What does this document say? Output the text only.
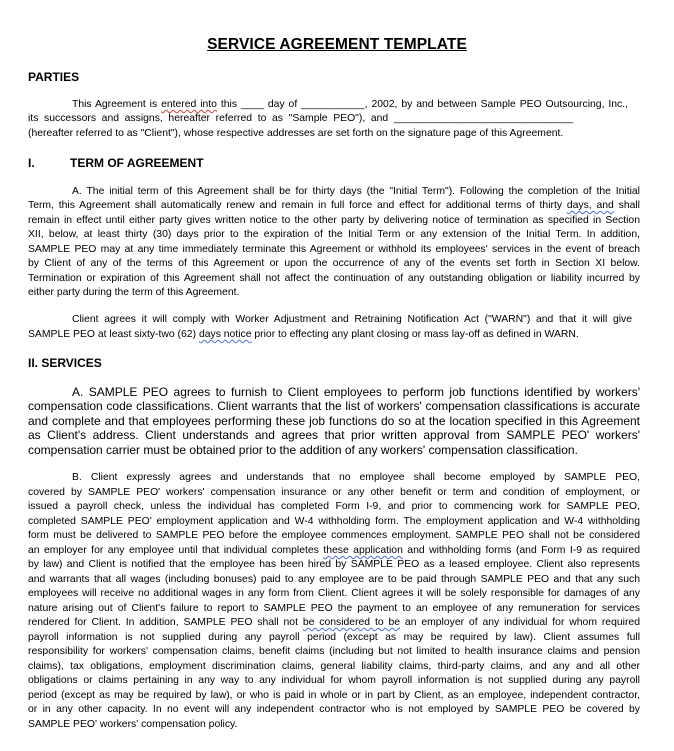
SERVICE AGREEMENT TEMPLATE
PARTIES
This Agreement is entered into this ____ day of ___________, 2002, by and between Sample PEO Outsourcing, Inc.,
its successors and assigns, hereafter referred to as "Sample PEO"), and _______________________________
(hereafter referred to as "Client"), whose respective addresses are set forth on the signature page of this Agreement.
I.	TERM OF AGREEMENT
A. The initial term of this Agreement shall be for thirty days (the "Initial Term"). Following the completion of the Initial
Term, this Agreement shall automatically renew and remain in full force and effect for additional terms of thirty days, and shall
remain in effect until either party gives written notice to the other party by delivering notice of termination as specified in Section
XII, below, at least thirty (30) days prior to the expiration of the Initial Term or any extension of the Initial Term. In addition,
SAMPLE PEO may at any time immediately terminate this Agreement or withhold its employees' services in the event of breach
by Client of any of the terms of this Agreement or upon the occurrence of any of the events set forth in Section XI below.
Termination or expiration of this Agreement shall not affect the continuation of any outstanding obligation or liability incurred by
either party during the term of this Agreement.
Client agrees it will comply with Worker Adjustment and Retraining Notification Act ("WARN") and that it will give
SAMPLE PEO at least sixty-two (62) days notice prior to effecting any plant closing or mass lay-off as defined in WARN.
II. SERVICES
A. SAMPLE PEO agrees to furnish to Client employees to perform job functions identified by workers'
compensation code classifications. Client warrants that the list of workers' compensation classifications is accurate
and complete and that employees performing these job functions do so at the location specified in this Agreement
as Client's address. Client understands and agrees that prior written approval from SAMPLE PEO' workers'
compensation carrier must be obtained prior to the addition of any workers' compensation classification.
B. Client expressly agrees and understands that no employee shall become employed by SAMPLE PEO,
covered by SAMPLE PEO' workers' compensation insurance or any other benefit or term and condition of employment, or
issued a payroll check, unless the individual has completed Form I-9, and prior to commencing work for SAMPLE PEO,
completed SAMPLE PEO' employment application and W-4 withholding form. The employment application and W-4 withholding
form must be delivered to SAMPLE PEO before the employee commences employment. SAMPLE PEO shall not be considered
an employer for any employee until that individual completes these application and withholding forms (and Form I-9 as required
by law) and Client is notified that the employee has been hired by SAMPLE PEO as a leased employee. Client also represents
and warrants that all wages (including bonuses) paid to any employee are to be paid through SAMPLE PEO and that any such
employees will receive no additional wages in any form from Client. Client agrees it will be solely responsible for damages of any
nature arising out of Client's failure to report to SAMPLE PEO the payment to an employee of any remuneration for services
rendered for Client. In addition, SAMPLE PEO shall not be considered to be an employer of any individual for whom required
payroll information is not supplied during any payroll period (except as may be required by law). Client assumes full
responsibility for workers' compensation claims, benefit claims (including but not limited to health insurance claims and pension
claims), tax obligations, employment discrimination claims, general liability claims, third-party claims, and any and all other
obligations or claims pertaining in any way to any individual for whom payroll information is not supplied during any payroll
period (except as may be required by law), or who is paid in whole or in part by Client, as an employee, independent contractor,
or in any other capacity. In no event will any independent contractor who is not employed by SAMPLE PEO be covered by
SAMPLE PEO' workers' compensation policy.
